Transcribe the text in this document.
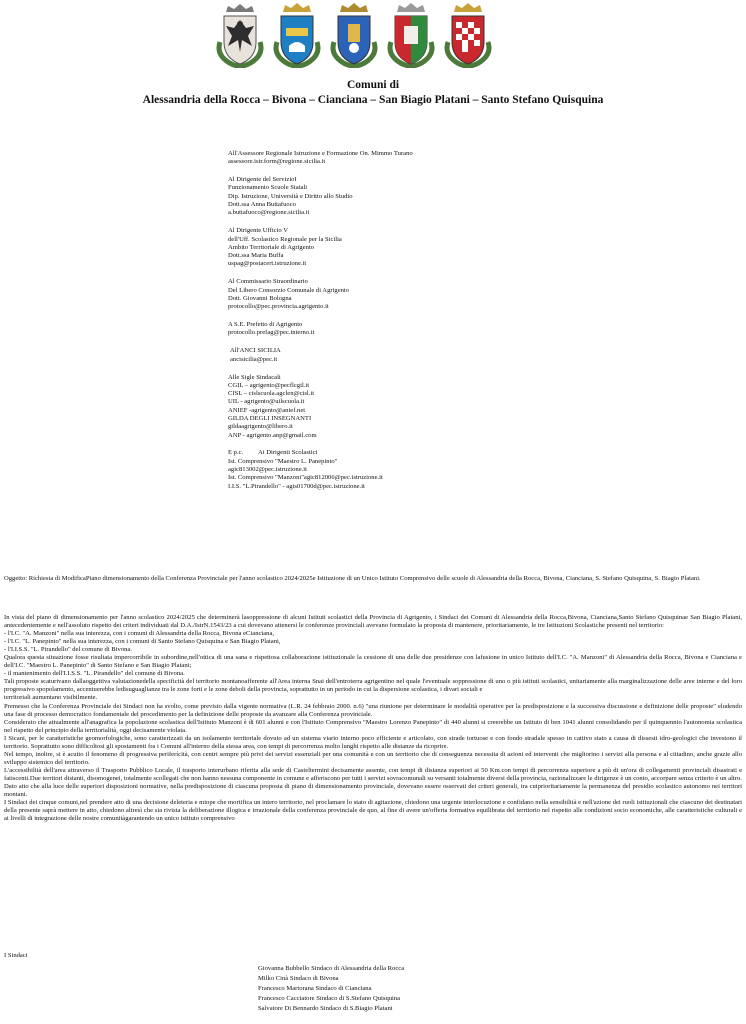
Comuni di
Alessandria della Rocca – Bivona – Cianciana – San Biagio Platani – Santo Stefano Quisquina
All'Assessore Regionale Istruzione e Formazione On. Mimmo Turano
assessore.istr.form@regione.sicilia.it
Al Dirigente del ServizioI
Funzionamento Scuole Statali
Dip. Istruzione, Università e Diritto allo Studio
Dott.ssa Anna Buttafuoco
a.buttafuoco@regione.sicilia.it
Al Dirigente Ufficio V
dell'Uff. Scolastico Regionale per la Sicilia
Ambito Territoriale di Agrigento
Dott.ssa Maria Buffa
uspag@postacert.istruzione.it
Al Commissario Straordinario
Del Libero Consorzio Comunale di Agrigento
Dott. Giovanni Bologna
protocollo@pec.provincia.agrigento.it
A S.E. Prefetto di Agrigento
protocollo.prefag@pec.interno.it
All'ANCI SICILIA
ancisicilia@pec.it
Alle Sigle Sindacali
CGIL – agrigento@pecflcgil.it
CISL – cislscuola.agcl​en@cisl.it
UIL - agrigento@uilscuola.it
ANIEF -agrigento@anief.net
GILDA DEGLI INSEGNANTI
gildaagrigento@libero.it
ANP - agrigento.anp@gmail.com
E p.c.	Ai Dirigenti Scolastici
Ist. Comprensivo "Maestro L. Panepinto"
agic813002@pec.istruzione.it
Ist. Comprensivo "Manzoni"agic812006@pec.istruzione.it
I.I.S. "L.Pirandello" - agis01700d@pec.istruzione.it
Oggetto: Richiesta di ModificaPiano dimensionamento della Conferenza Provinciale per l'anno scolastico 2024/2025e Istituzione di un Unico Istituto Comprensivo delle scuole di Alessandria della Rocca, Bivona, Cianciana, S. Stefano Quisquina, S. Biagio Platani.

In vista del piano di dimensionamento per l'anno scolastico 2024/2025 che determinerà lasoppressione di alcuni Istituti scolastici della Provincia di Agrigento, i Sindaci dei Comuni di Alessandria della Rocca,Bivona, Cianciana,Santo Stefano Quisquinae San Biagio Platani, antecedentemente e nell'assoluto rispetto dei criteri individuati dal D.A./IstrN.1543/23 a cui dovevano attenersi le conferenze provinciali avevano formulato la proposta di mantenere, prioritariamente, le tre Istituzioni Scolastiche presenti nel territorio:

- l'I.C. "A. Manzoni" nella sua interezza, con i comuni di Alessandria della Rocca, Bivona eCianciana,

- l'I.C. "L. Panepinto" nella sua interezza, con i comuni di Santo Stefano Quisquina e San Biagio Platani,

- l'I.I.S.S. "L. Pirandello" del comune di Bivona.

Qualora questa situazione fosse risultata impercorribile in subordine,nell'ottica di una sana e rispettosa collaborazione istituzionale la cessione di una delle due presidenze con lafusione in unico Istituto dell'I.C. "A. Manzoni" di Alessandria della Rocca, Bivona e Cianciana e dell'I.C. "Maestro L. Panepinto" di Santo Stefano e San Biagio Platani;

- il mantenimento dell'I.I.S.S. "L. Pirandello" del comune di Bivona.

Tali proposte scaturivano dallaoggettiva valutazionedella specificità del territorio montanoafferente all'Area interna Snai dell'entroterra agrigentino nel quale l'eventuale soppressione di uno o più istituti scolastici, unitariamente alla marginalizzazione delle aree interne e del loro progressivo spopolamento, accentuerebbe ledisuguaglianze tra le zone forti e le zone deboli della provincia, soprattutto in un periodo in cui la dispersione scolastica, i divari sociali e

territoriali aumentano visibilmente.

Premesso che la Conferenza Provinciale dei Sindaci non ha svolto, come previsto dalla vigente normativa (L.R. 24 febbraio 2000. n.6) "una riunione per determinare le modalità operative per la predisposizione e la successiva discussione e definizione delle proposte" eludendo una fase di processo democratico fondamentale del procedimento per la definizione delle proposte da avanzare alla Conferenza provinciale.

Considerato che attualmente all'anagrafica la popolazione scolastica dell'Istituto Manzoni è di 601 alunni e con l'Istituto Comprensivo "Maestro Lorenzo Panepinto" di 440 alunni si creerebbe un Istituto di ben 1041 alunni consolidando per il quinquennio l'autonomia scolastica nel rispetto del principio della territorialità, oggi decisamente violata.

I Sicani, per le caratteristiche geomorfologiche, sono caratterizzati da un isolamento territoriale dovuto ad un sistema viario interno poco efficiente e articolato, con strade tortuose e con fondo stradale spesso in cattivo stato a causa di dissesti idro-geologici che investono il territorio. Soprattutto sono difficoltosi gli spostamenti fra i Comuni all'interno della stessa area, con tempi di percorrenza molto lunghi rispetto alle distanze da ricoprire.

Nel tempo, inoltre, si è acuito il fenomeno di progressiva periferícità, con centri sempre più privi dei servizi essenziali per una comunità e con un territorio che di conseguenza necessita di azioni ed interventi che migliorino i servizi alla persona e al cittadino, anche grazie allo sviluppo sistemico del territorio.

L'accessibilità dell'area attraverso il Trasporto Pubblico Locale, il trasporto interurbano riferita alla sede di Casteltermini decisamente assente, con tempi di distanza superiori ai 50 Km.con tempi di percorrenza superiore a più di un'ora di collegamenti provinciali disastrati e fatiscenti.Due territori distanti, disomogenei, totalmente scollegati che non hanno nessuna componente in comune e afferiscono per tutti i servizi sovracomunali su versanti totalmente diversi della provincia, razionalizzare le dirigenze è un conto, accorpare senza criterio è un altro.

Dato atto che alla luce delle superiori disposizioni normative, nella predisposizione di ciascuna proposta di piano di dimensionamento provinciale, dovevano essere osservati dei criteri generali, tra cuiprioritariamente la permanenza del presidio scolastico autonomo nei territori montani.

I Sindaci dei cinque comuni,nel prendere atto di una decisione deleteria e miope che mortifica un intero territorio, nel proclamare lo stato di agitazione, chiedono una urgente interlocuzione e confidano nella sensibilità e nell'azione dei ruoli istituzionali che ciascuno dei destinatari della presente saprà mettere in atto, chiedono altresì che sia rivista la deliberazione illogica e irrazionale della conferenza provinciale de quo, al fine di avere un'offerta formativa equilibrata del territorio nel rispetto alle condizioni socio economiche, alle caratteristiche culturali e ai livelli di integrazione delle nostre comunitàgarantendo un unico istituto comprensivo

I Sindaci
Giovanna Bubbello Sindaco di Alessandria della Rocca
Milko Cinà Sindaco di Bivona
Francesco Martorana Sindaco di Cianciana
Francesco Cacciatore Sindaco di S.Stefano Quisquina
Salvatore Di Bennardo Sindaco di S.Biagio Platani
